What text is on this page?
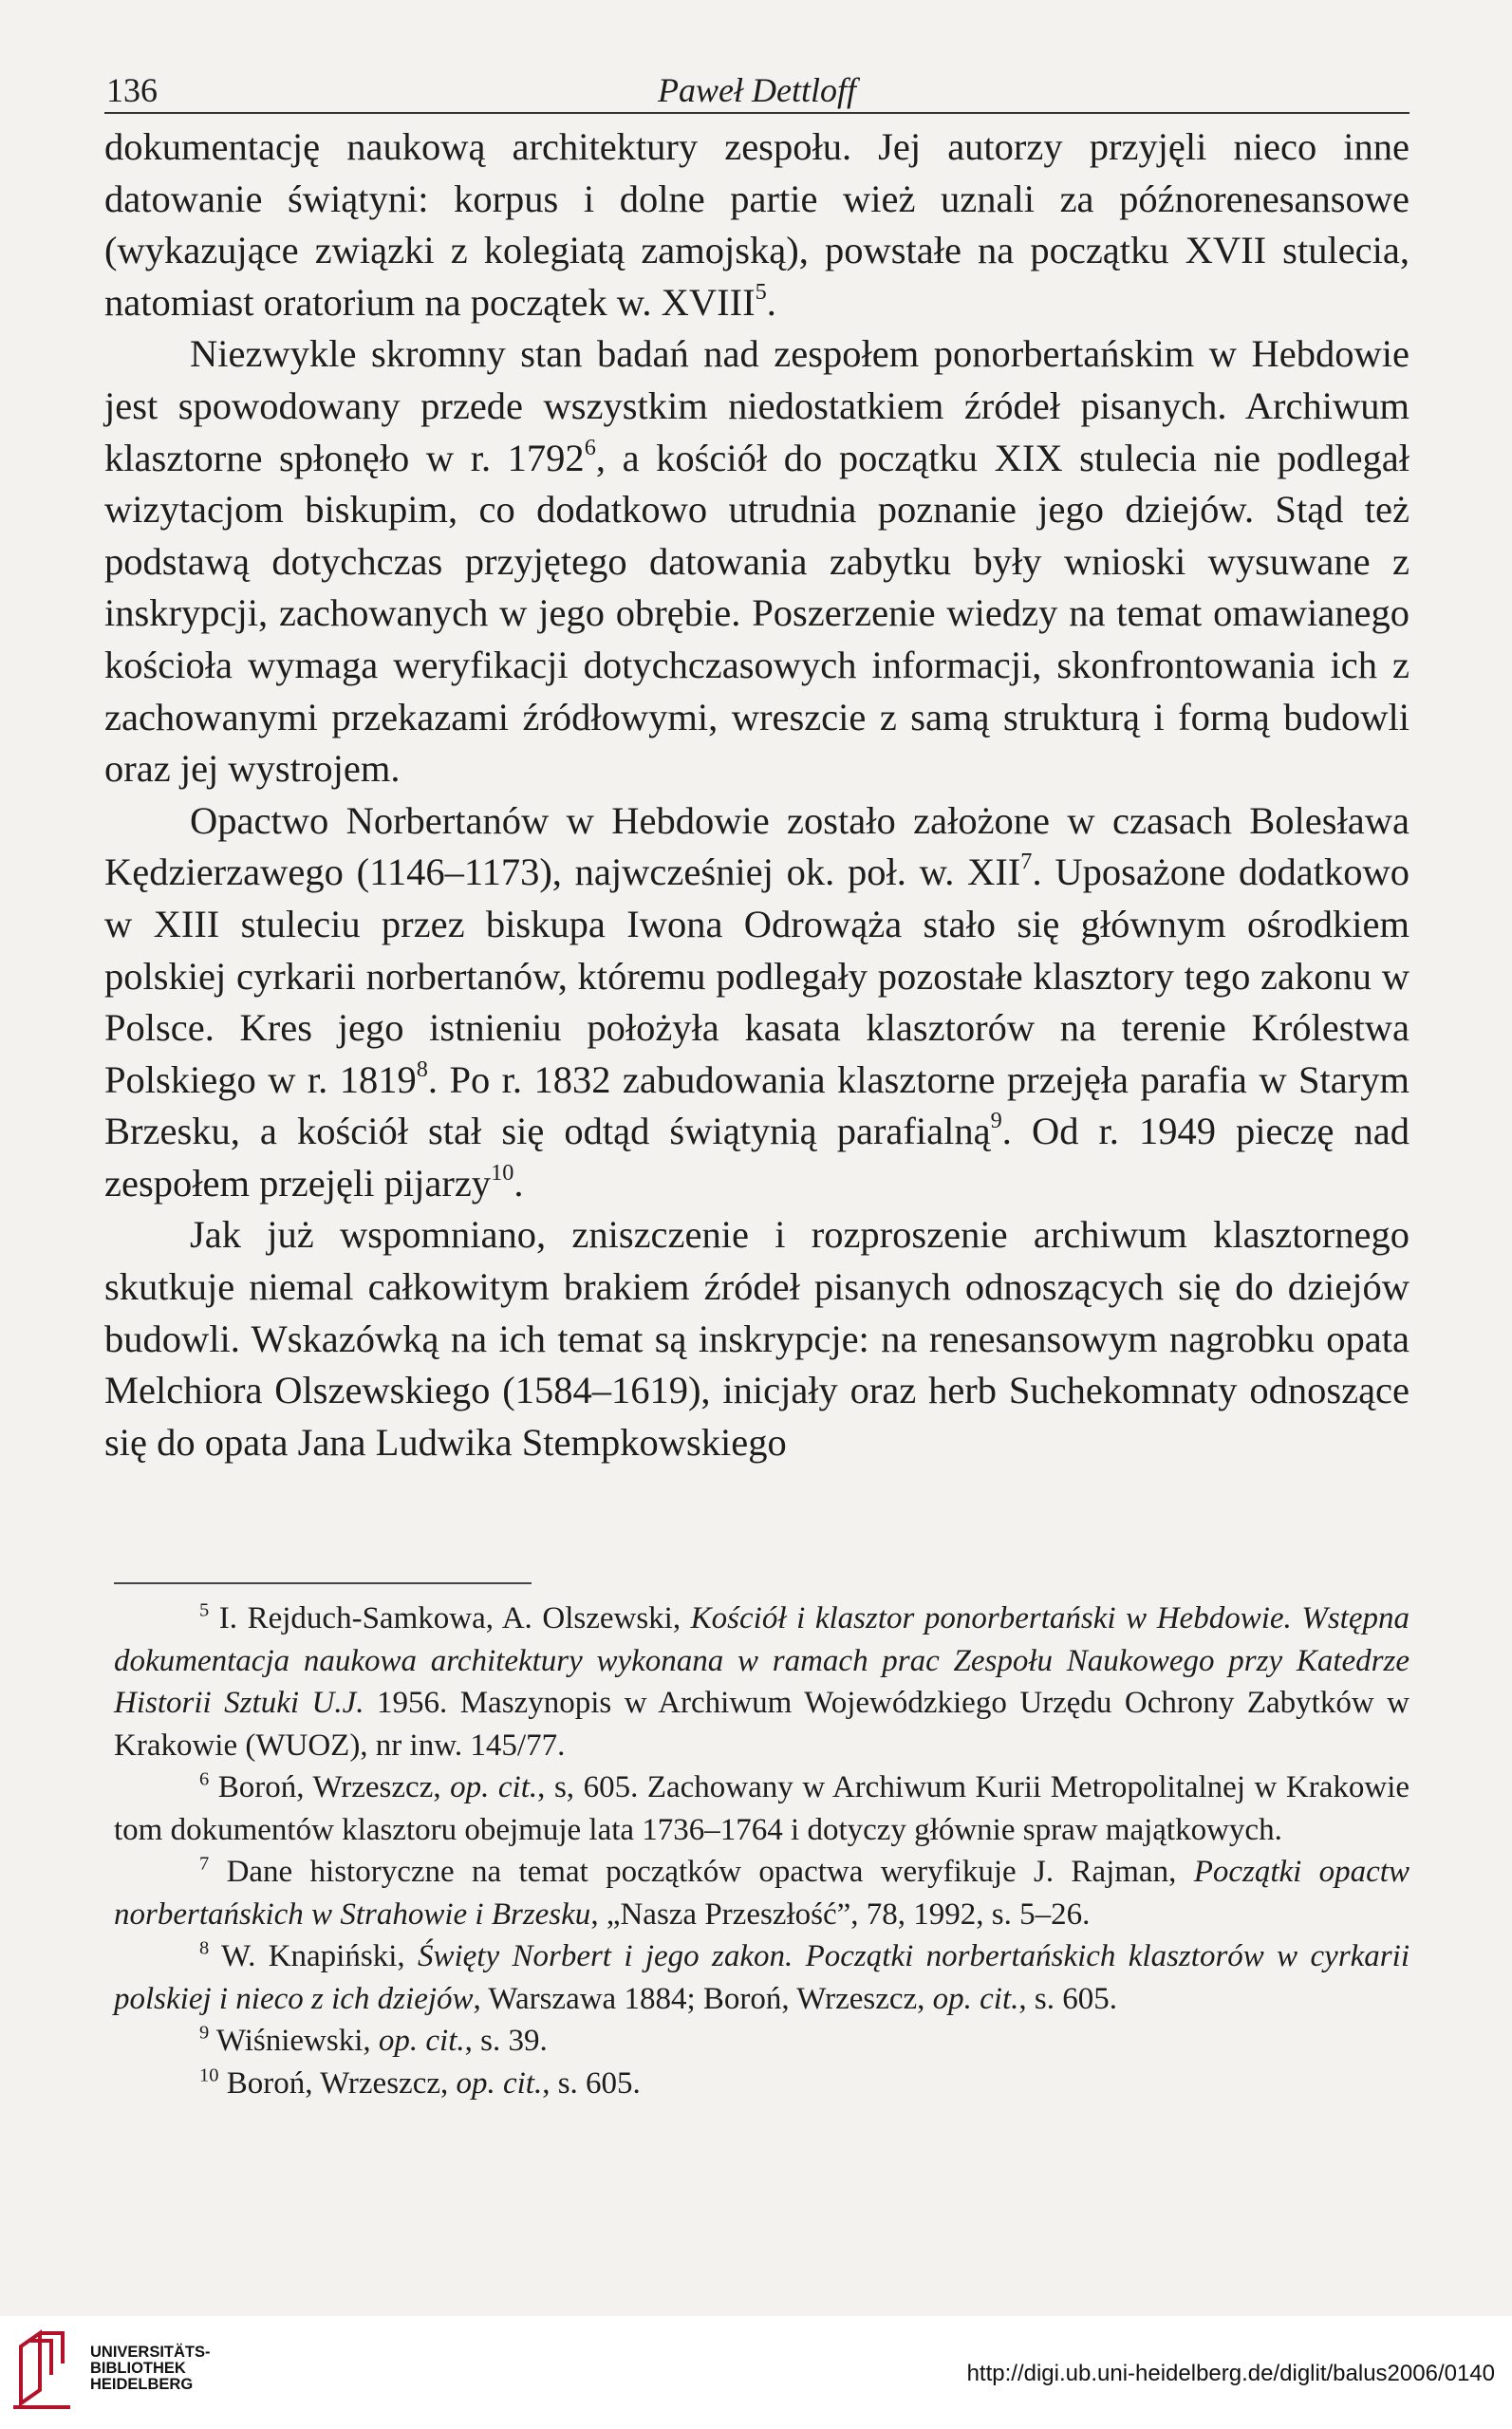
136	Paweł Dettloff

dokumentację naukową architektury zespołu. Jej autorzy przyjęli nieco inne datowanie świątyni: korpus i dolne partie wież uznali za późnorenesansowe (wykazujące związki z kolegiatą zamojską), powstałe na początku XVII stulecia, natomiast oratorium na początek w. XVIII$^5$.

Niezwykle skromny stan badań nad zespołem ponorbertańskim w Hebdowie jest spowodowany przede wszystkim niedostatkiem źródeł pisanych. Archiwum klasztorne spłonęło w r. 1792$^6$, a kościół do początku XIX stulecia nie podlegał wizytacjom biskupim, co dodatkowo utrudnia poznanie jego dziejów. Stąd też podstawą dotychczas przyjętego datowania zabytku były wnioski wysuwane z inskrypcji, zachowanych w jego obrębie. Poszerzenie wiedzy na temat omawianego kościoła wymaga weryfikacji dotychczasowych informacji, skonfrontowania ich z zachowanymi przekazami źródłowymi, wreszcie z samą strukturą i formą budowli oraz jej wystrojem.

Opactwo Norbertanów w Hebdowie zostało założone w czasach Bolesława Kędzierzawego (1146–1173), najwcześniej ok. poł. w. XII$^7$. Uposażone dodatkowo w XIII stuleciu przez biskupa Iwona Odrowąża stało się głównym ośrodkiem polskiej cyrkarii norbertanów, któremu podlegały pozostałe klasztory tego zakonu w Polsce. Kres jego istnieniu położyła kasata klasztorów na terenie Królestwa Polskiego w r. 1819$^8$. Po r. 1832 zabudowania klasztorne przejęła parafia w Starym Brzesku, a kościół stał się odtąd świątynią parafialną$^9$. Od r. 1949 pieczę nad zespołem przejęli pijarzy$^{10}$.

Jak już wspomniano, zniszczenie i rozproszenie archiwum klasztornego skutkuje niemal całkowitym brakiem źródeł pisanych odnoszących się do dziejów budowli. Wskazówką na ich temat są inskrypcje: na renesansowym nagrobku opata Melchiora Olszewskiego (1584–1619), inicjały oraz herb Suchekomnaty odnoszące się do opata Jana Ludwika Stempkowskiego

$^5$ I. Rejduch-Samkowa, A. Olszewski, Kościół i klasztor ponorbertański w Hebdowie. Wstępna dokumentacja naukowa architektury wykonana w ramach prac Zespołu Naukowego przy Katedrze Historii Sztuki U.J. 1956. Maszynopis w Archiwum Wojewódzkiego Urzędu Ochrony Zabytków w Krakowie (WUOZ), nr inw. 145/77.

$^6$ Boroń, Wrzeszcz, op. cit., s, 605. Zachowany w Archiwum Kurii Metropolitalnej w Krakowie tom dokumentów klasztoru obejmuje lata 1736–1764 i dotyczy głównie spraw majątkowych.

$^7$ Dane historyczne na temat początków opactwa weryfikuje J. Rajman, Początki opactw norbertańskich w Strahowie i Brzesku, „Nasza Przeszłość”, 78, 1992, s. 5–26.

$^8$ W. Knapiński, Święty Norbert i jego zakon. Początki norbertańskich klasztorów w cyrkarii polskiej i nieco z ich dziejów, Warszawa 1884; Boroń, Wrzeszcz, op. cit., s. 605.

$^9$ Wiśniewski, op. cit., s. 39.

$^{10}$ Boroń, Wrzeszcz, op. cit., s. 605.

UNIVERSITÄTS-
BIBLIOTHEK
HEIDELBERG	http://digi.ub.uni-heidelberg.de/diglit/balus2006/0140
